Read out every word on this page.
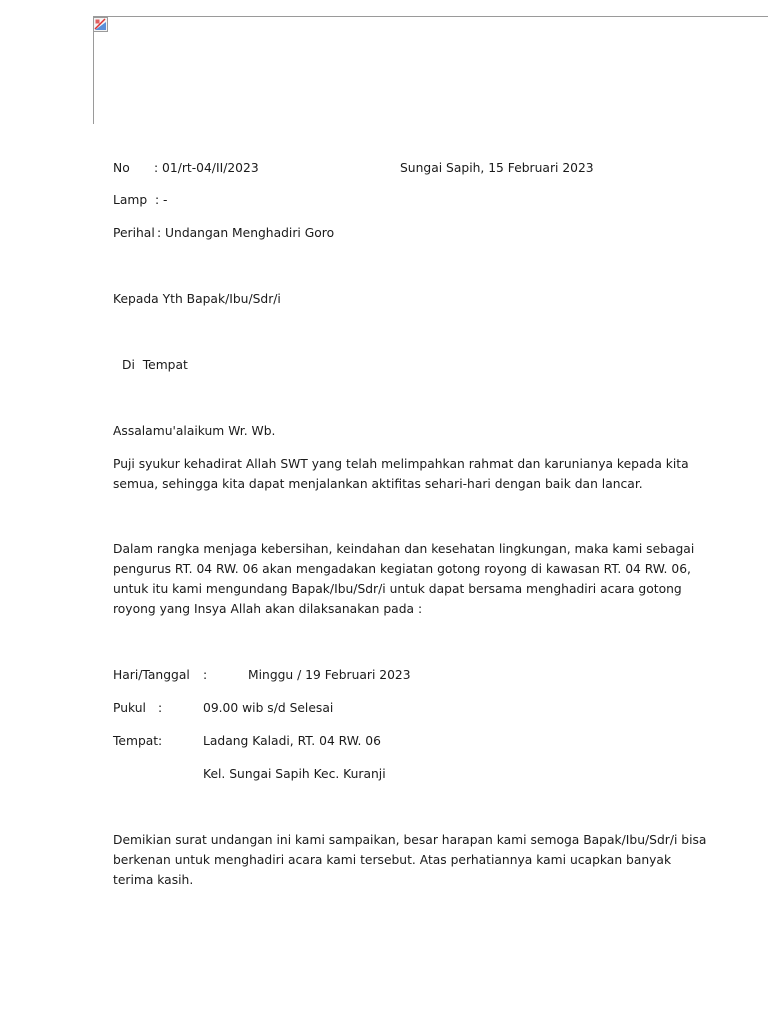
No : 01/rt-04/II/2023	Sungai Sapih, 15 Februari 2023
Lamp : -
Perihal : Undangan Menghadiri Goro
Kepada Yth Bapak/Ibu/Sdr/i
Di  Tempat
Assalamu'alaikum Wr. Wb.
Puji syukur kehadirat Allah SWT yang telah melimpahkan rahmat dan karunianya kepada kita
semua, sehingga kita dapat menjalankan aktifitas sehari-hari dengan baik dan lancar.
Dalam rangka menjaga kebersihan, keindahan dan kesehatan lingkungan, maka kami sebagai
pengurus RT. 04 RW. 06 akan mengadakan kegiatan gotong royong di kawasan RT. 04 RW. 06,
untuk itu kami mengundang Bapak/Ibu/Sdr/i untuk dapat bersama menghadiri acara gotong
royong yang Insya Allah akan dilaksanakan pada :
Hari/Tanggal :	Minggu / 19 Februari 2023
Pukul :	09.00 wib s/d Selesai
Tempat :	Ladang Kaladi, RT. 04 RW. 06
Kel. Sungai Sapih Kec. Kuranji
Demikian surat undangan ini kami sampaikan, besar harapan kami semoga Bapak/Ibu/Sdr/i bisa
berkenan untuk menghadiri acara kami tersebut. Atas perhatiannya kami ucapkan banyak
terima kasih.
